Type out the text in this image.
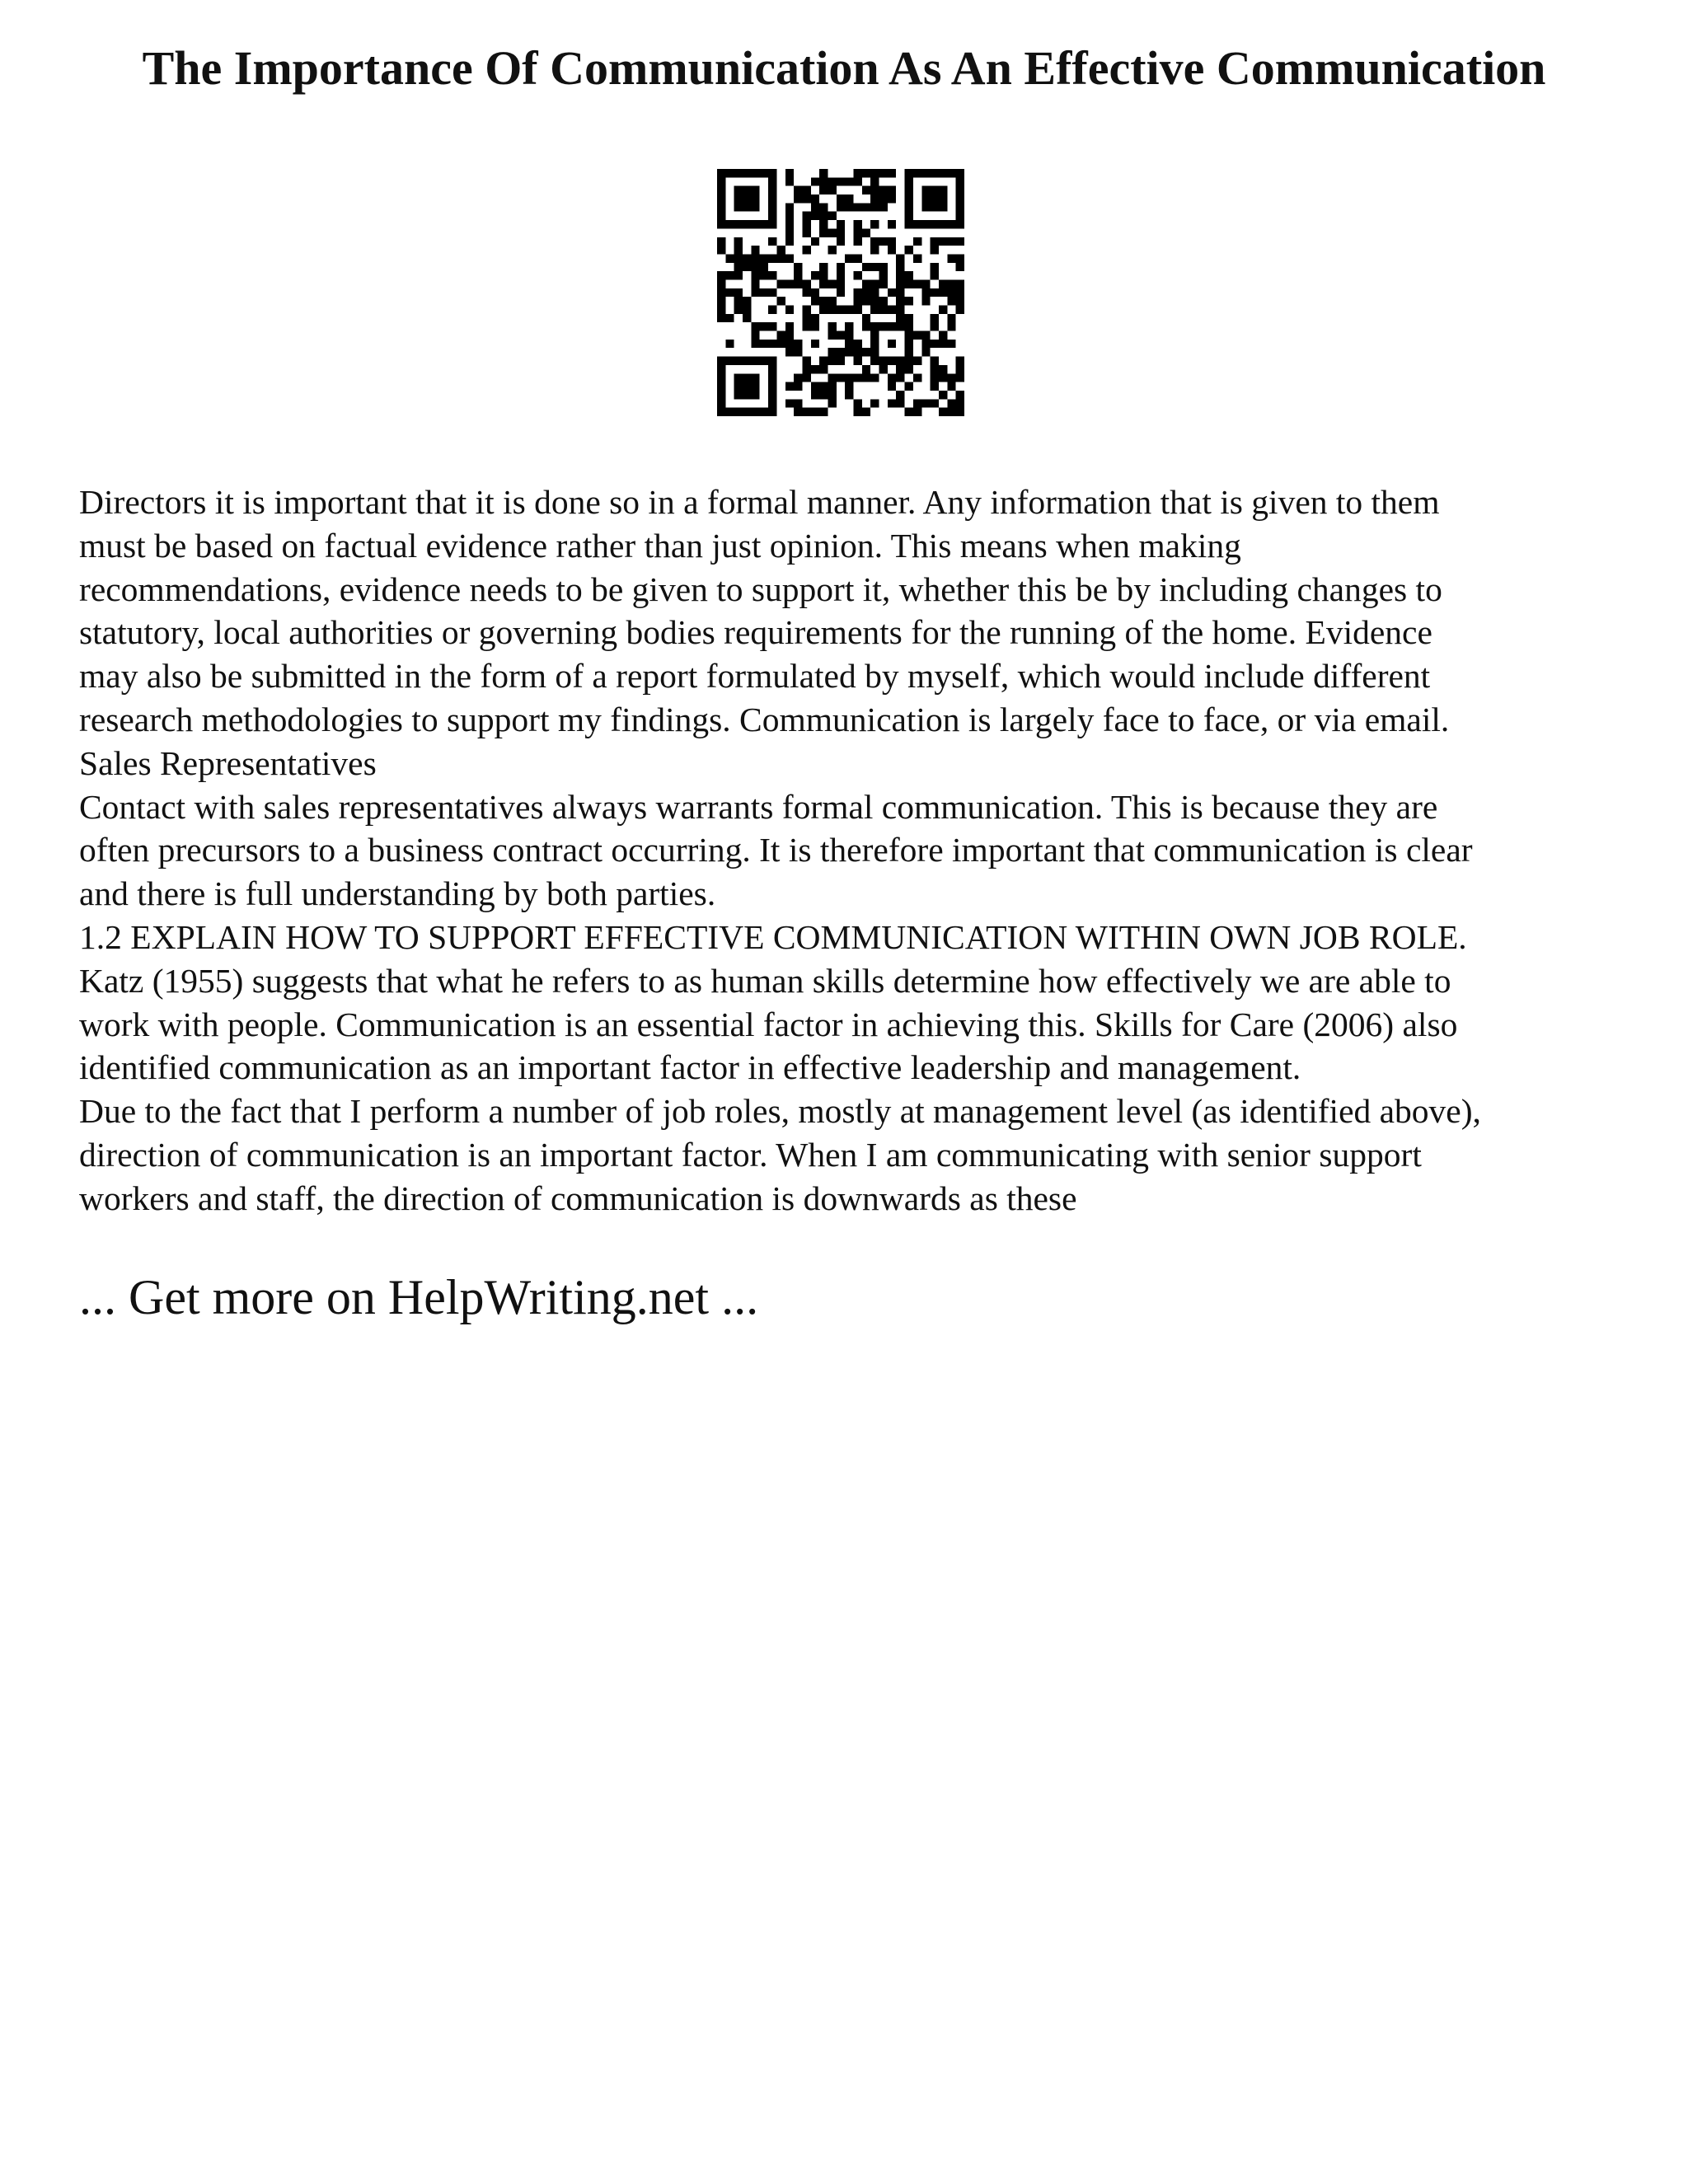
The Importance Of Communication As An Effective Communication
Directors it is important that it is done so in a formal manner. Any information that is given to them
must be based on factual evidence rather than just opinion. This means when making
recommendations, evidence needs to be given to support it, whether this be by including changes to
statutory, local authorities or governing bodies requirements for the running of the home. Evidence
may also be submitted in the form of a report formulated by myself, which would include different
research methodologies to support my findings. Communication is largely face to face, or via email.
Sales Representatives
Contact with sales representatives always warrants formal communication. This is because they are
often precursors to a business contract occurring. It is therefore important that communication is clear
and there is full understanding by both parties.
1.2 EXPLAIN HOW TO SUPPORT EFFECTIVE COMMUNICATION WITHIN OWN JOB ROLE.
Katz (1955) suggests that what he refers to as human skills determine how effectively we are able to
work with people. Communication is an essential factor in achieving this. Skills for Care (2006) also
identified communication as an important factor in effective leadership and management.
Due to the fact that I perform a number of job roles, mostly at management level (as identified above),
direction of communication is an important factor. When I am communicating with senior support
workers and staff, the direction of communication is downwards as these
... Get more on HelpWriting.net ...
